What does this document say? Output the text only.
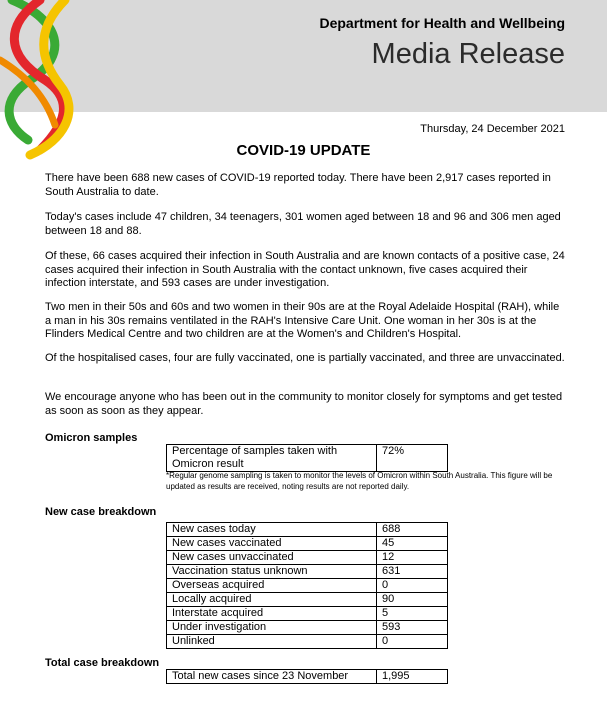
Department for Health and Wellbeing
Media Release
Thursday, 24 December 2021
COVID-19 UPDATE

There have been 688 new cases of COVID-19 reported today. There have been 2,917 cases reported in South Australia to date.

Today's cases include 47 children, 34 teenagers, 301 women aged between 18 and 96 and 306 men aged between 18 and 88.

Of these, 66 cases acquired their infection in South Australia and are known contacts of a positive case, 24 cases acquired their infection in South Australia with the contact unknown, five cases acquired their infection interstate, and 593 cases are under investigation.

Two men in their 50s and 60s and two women in their 90s are at the Royal Adelaide Hospital (RAH), while a man in his 30s remains ventilated in the RAH's Intensive Care Unit. One woman in her 30s is at the Flinders Medical Centre and two children are at the Women's and Children's Hospital.

Of the hospitalised cases, four are fully vaccinated, one is partially vaccinated, and three are unvaccinated.

We encourage anyone who has been out in the community to monitor closely for symptoms and get tested as soon as soon as they appear.

Omicron samples
Percentage of samples taken with Omicron result	72%
*Regular genome sampling is taken to monitor the levels of Omicron within South Australia. This figure will be updated as results are received, noting results are not reported daily.
New case breakdown
New cases today	688
New cases vaccinated	45
New cases unvaccinated	12
Vaccination status unknown	631
Overseas acquired	0
Locally acquired	90
Interstate acquired	5
Under investigation	593
Unlinked	0
Total case breakdown
Total new cases since 23 November	1,995
